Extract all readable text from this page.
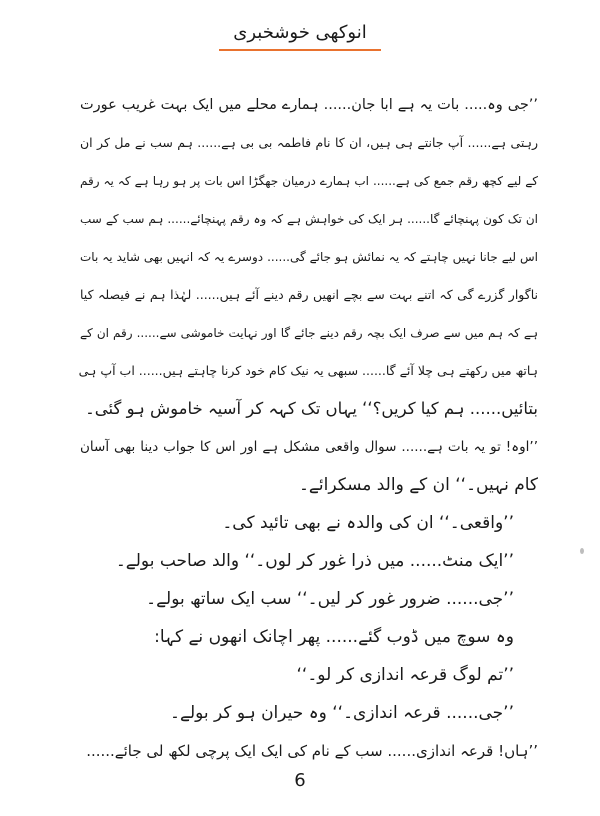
انوکھی خوشخبری
’’جی وہ..... بات یہ ہے ابا جان...... ہمارے محلے میں ایک بہت غریب عورت
رہتی ہے...... آپ جانتے ہی ہیں، ان کا نام فاطمہ بی بی ہے...... ہم سب نے مل کر ان
کے لیے کچھ رقم جمع کی ہے...... اب ہمارے درمیان جھگڑا اس بات پر ہو رہا ہے کہ یہ رقم
ان تک کون پہنچائے گا...... ہر ایک کی خواہش ہے کہ وہ رقم پہنچائے...... ہم سب کے سب
اس لیے جانا نہیں چاہتے کہ یہ نمائش ہو جائے گی...... دوسرے یہ کہ انہیں بھی شاید یہ بات
ناگوار گزرے گی کہ اتنے بہت سے بچے انھیں رقم دینے آئے ہیں...... لہٰذا ہم نے فیصلہ کیا
ہے کہ ہم میں سے صرف ایک بچہ رقم دینے جائے گا اور نہایت خاموشی سے...... رقم ان کے
ہاتھ میں رکھتے ہی چلا آئے گا...... سبھی یہ نیک کام خود کرنا چاہتے ہیں...... اب آپ ہی
بتائیں...... ہم کیا کریں؟‘‘ یہاں تک کہہ کر آسیہ خاموش ہو گئی۔
’’اوہ! تو یہ بات ہے...... سوال واقعی مشکل ہے اور اس کا جواب دینا بھی آسان
کام نہیں۔‘‘ ان کے والد مسکرائے۔
’’واقعی۔‘‘ ان کی والدہ نے بھی تائید کی۔
’’ایک منٹ...... میں ذرا غور کر لوں۔‘‘ والد صاحب بولے۔
’’جی...... ضرور غور کر لیں۔‘‘ سب ایک ساتھ بولے۔
وہ سوچ میں ڈوب گئے...... پھر اچانک انھوں نے کہا:
’’تم لوگ قرعہ اندازی کر لو۔‘‘
’’جی...... قرعہ اندازی۔‘‘ وہ حیران ہو کر بولے۔
’’ہاں! قرعہ اندازی...... سب کے نام کی ایک ایک پرچی لکھ لی جائے......
6
